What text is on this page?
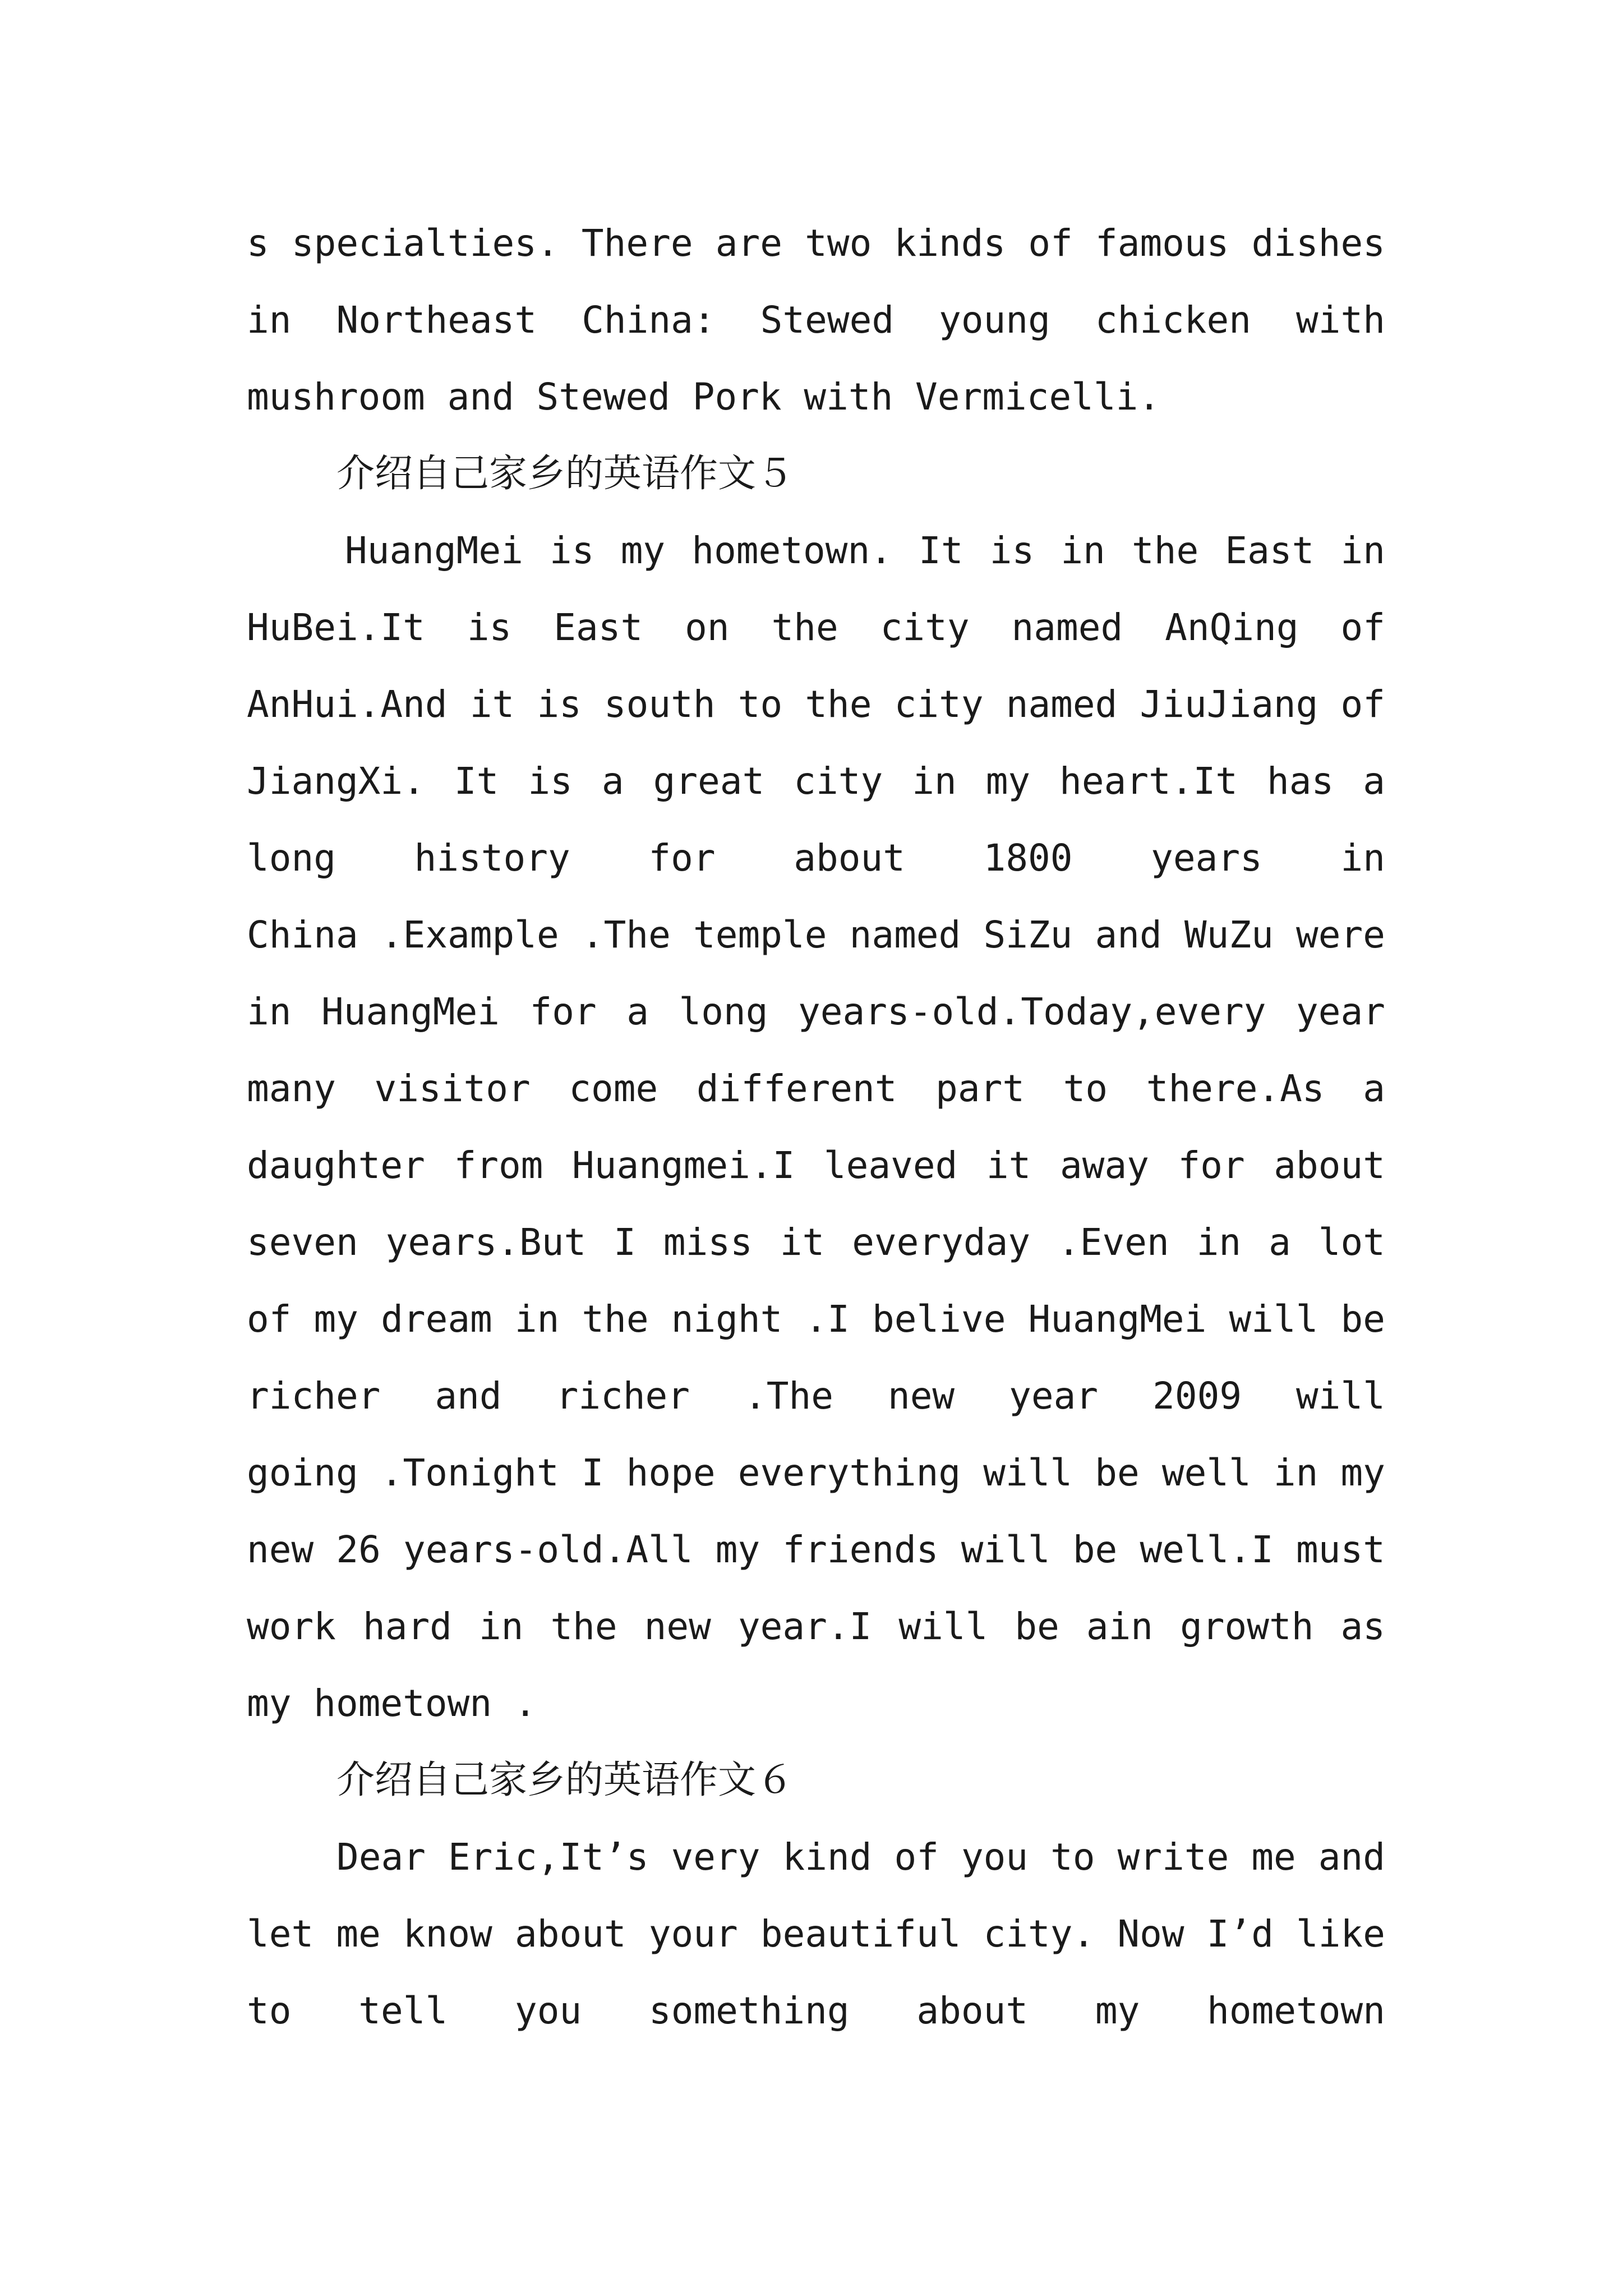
s specialties. There are two kinds of famous dishes
in Northeast China: Stewed young chicken with
mushroom and Stewed Pork with Vermicelli.
介绍自己家乡的英语作文５
HuangMei is my hometown. It is in the East in
HuBei.It is East on the city named AnQing of
AnHui.And it is south to the city named JiuJiang of
JiangXi. It is a great city in my heart.It has a
long history for about 1800 years in
China .Example .The temple named SiZu and WuZu were
in HuangMei for a long years-old.Today,every year
many visitor come different part to there.As a
daughter from Huangmei.I leaved it away for about
seven years.But I miss it everyday .Even in a lot
of my dream in the night .I belive HuangMei will be
richer and richer .The new year 2009 will
going .Tonight I hope everything will be well in my
new 26 years-old.All my friends will be well.I must
work hard in the new year.I will be ain growth as
my hometown .
介绍自己家乡的英语作文６
Dear Eric,It’s very kind of you to write me and
let me know about your beautiful city. Now I’d like
to tell you something about my hometown
